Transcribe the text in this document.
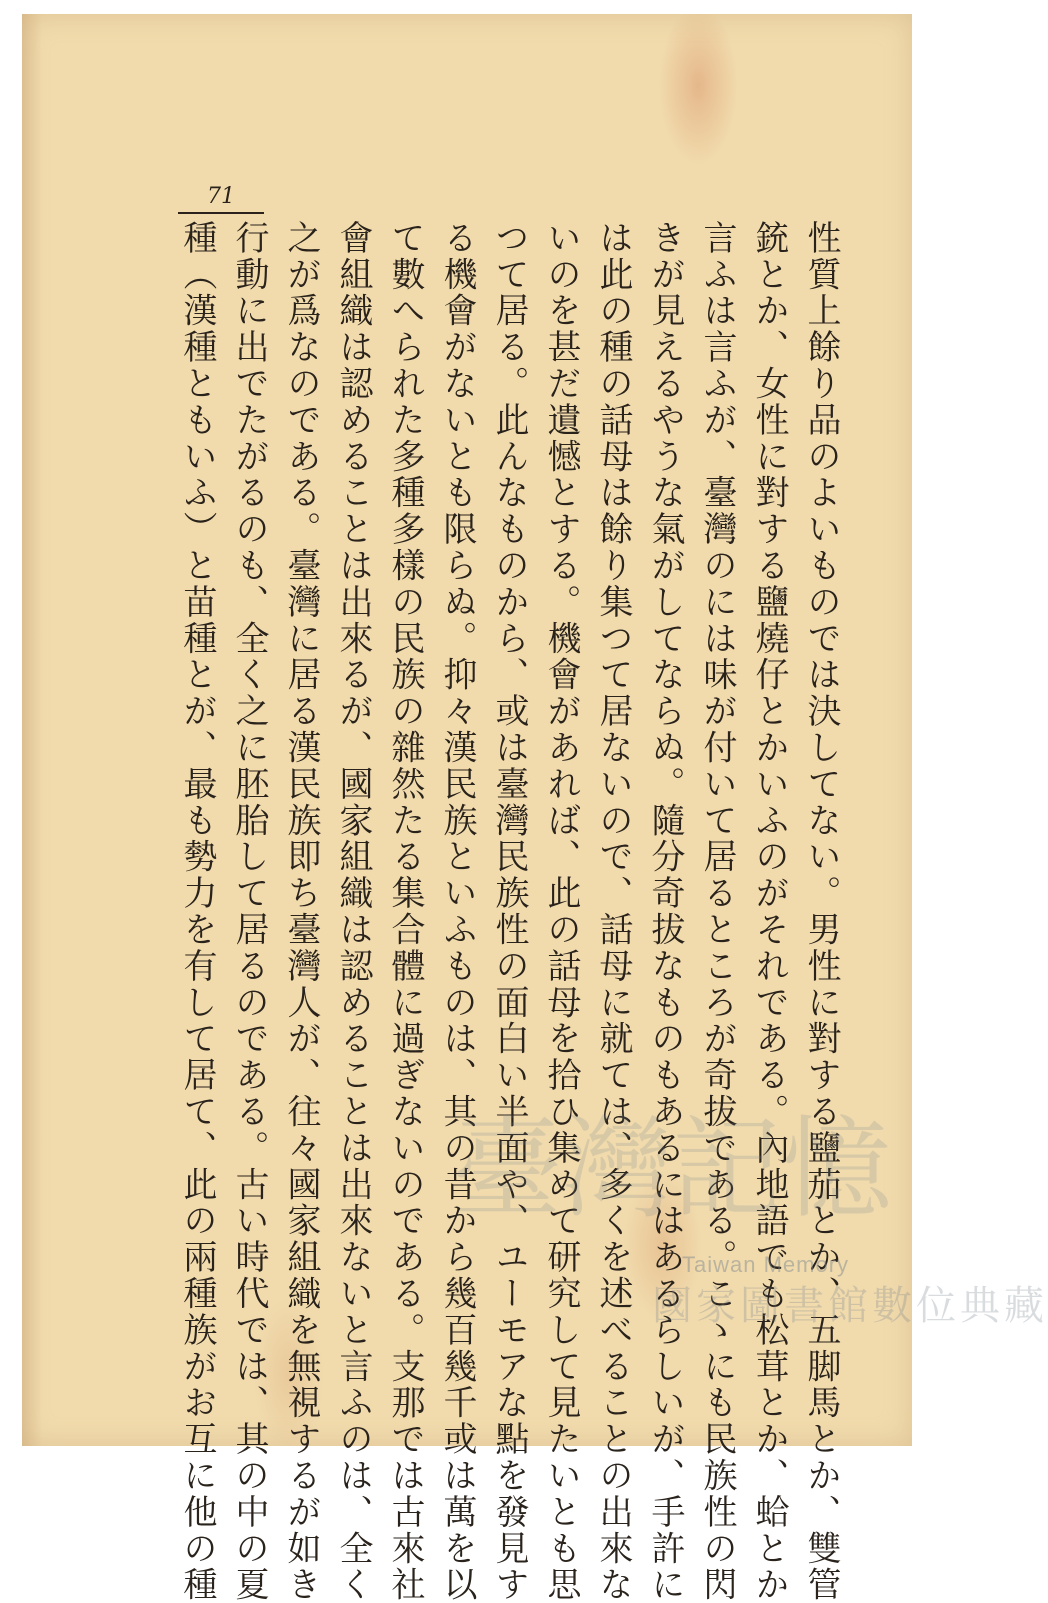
71
性質上餘り品のよいものでは決してない。男性に對する鹽茄とか、五脚馬とか、雙管
銃とか、女性に對する鹽燒仔とかいふのがそれである。內地語でも松茸とか、蛤とか
言ふは言ふが、臺灣のには味が付いて居るところが奇拔である。こゝにも民族性の閃
きが見えるやうな氣がしてならぬ。隨分奇拔なものもあるにはあるらしいが、手許に
は此の種の話母は餘り集つて居ないので、話母に就ては、多くを述べることの出來な
いのを甚だ遺憾とする。機會があれば、此の話母を拾ひ集めて研究して見たいとも思
つて居る。此んなものから、或は臺灣民族性の面白い半面や、ユーモアな點を發見す
る機會がないとも限らぬ。抑々漢民族といふものは、其の昔から幾百幾千或は萬を以
て數へられた多種多樣の民族の雜然たる集合體に過ぎないのである。支那では古來社
會組織は認めることは出來るが、國家組織は認めることは出來ないと言ふのは、全く
之が爲なのである。臺灣に居る漢民族即ち臺灣人が、往々國家組織を無視するが如き
行動に出でたがるのも、全く之に胚胎して居るのである。古い時代では、其の中の夏
種（漢種ともいふ）と苗種とが、最も勢力を有して居て、此の兩種族がお互に他の種 臺灣記憶
Taiwan Memory
國家圖書館數位典藏
